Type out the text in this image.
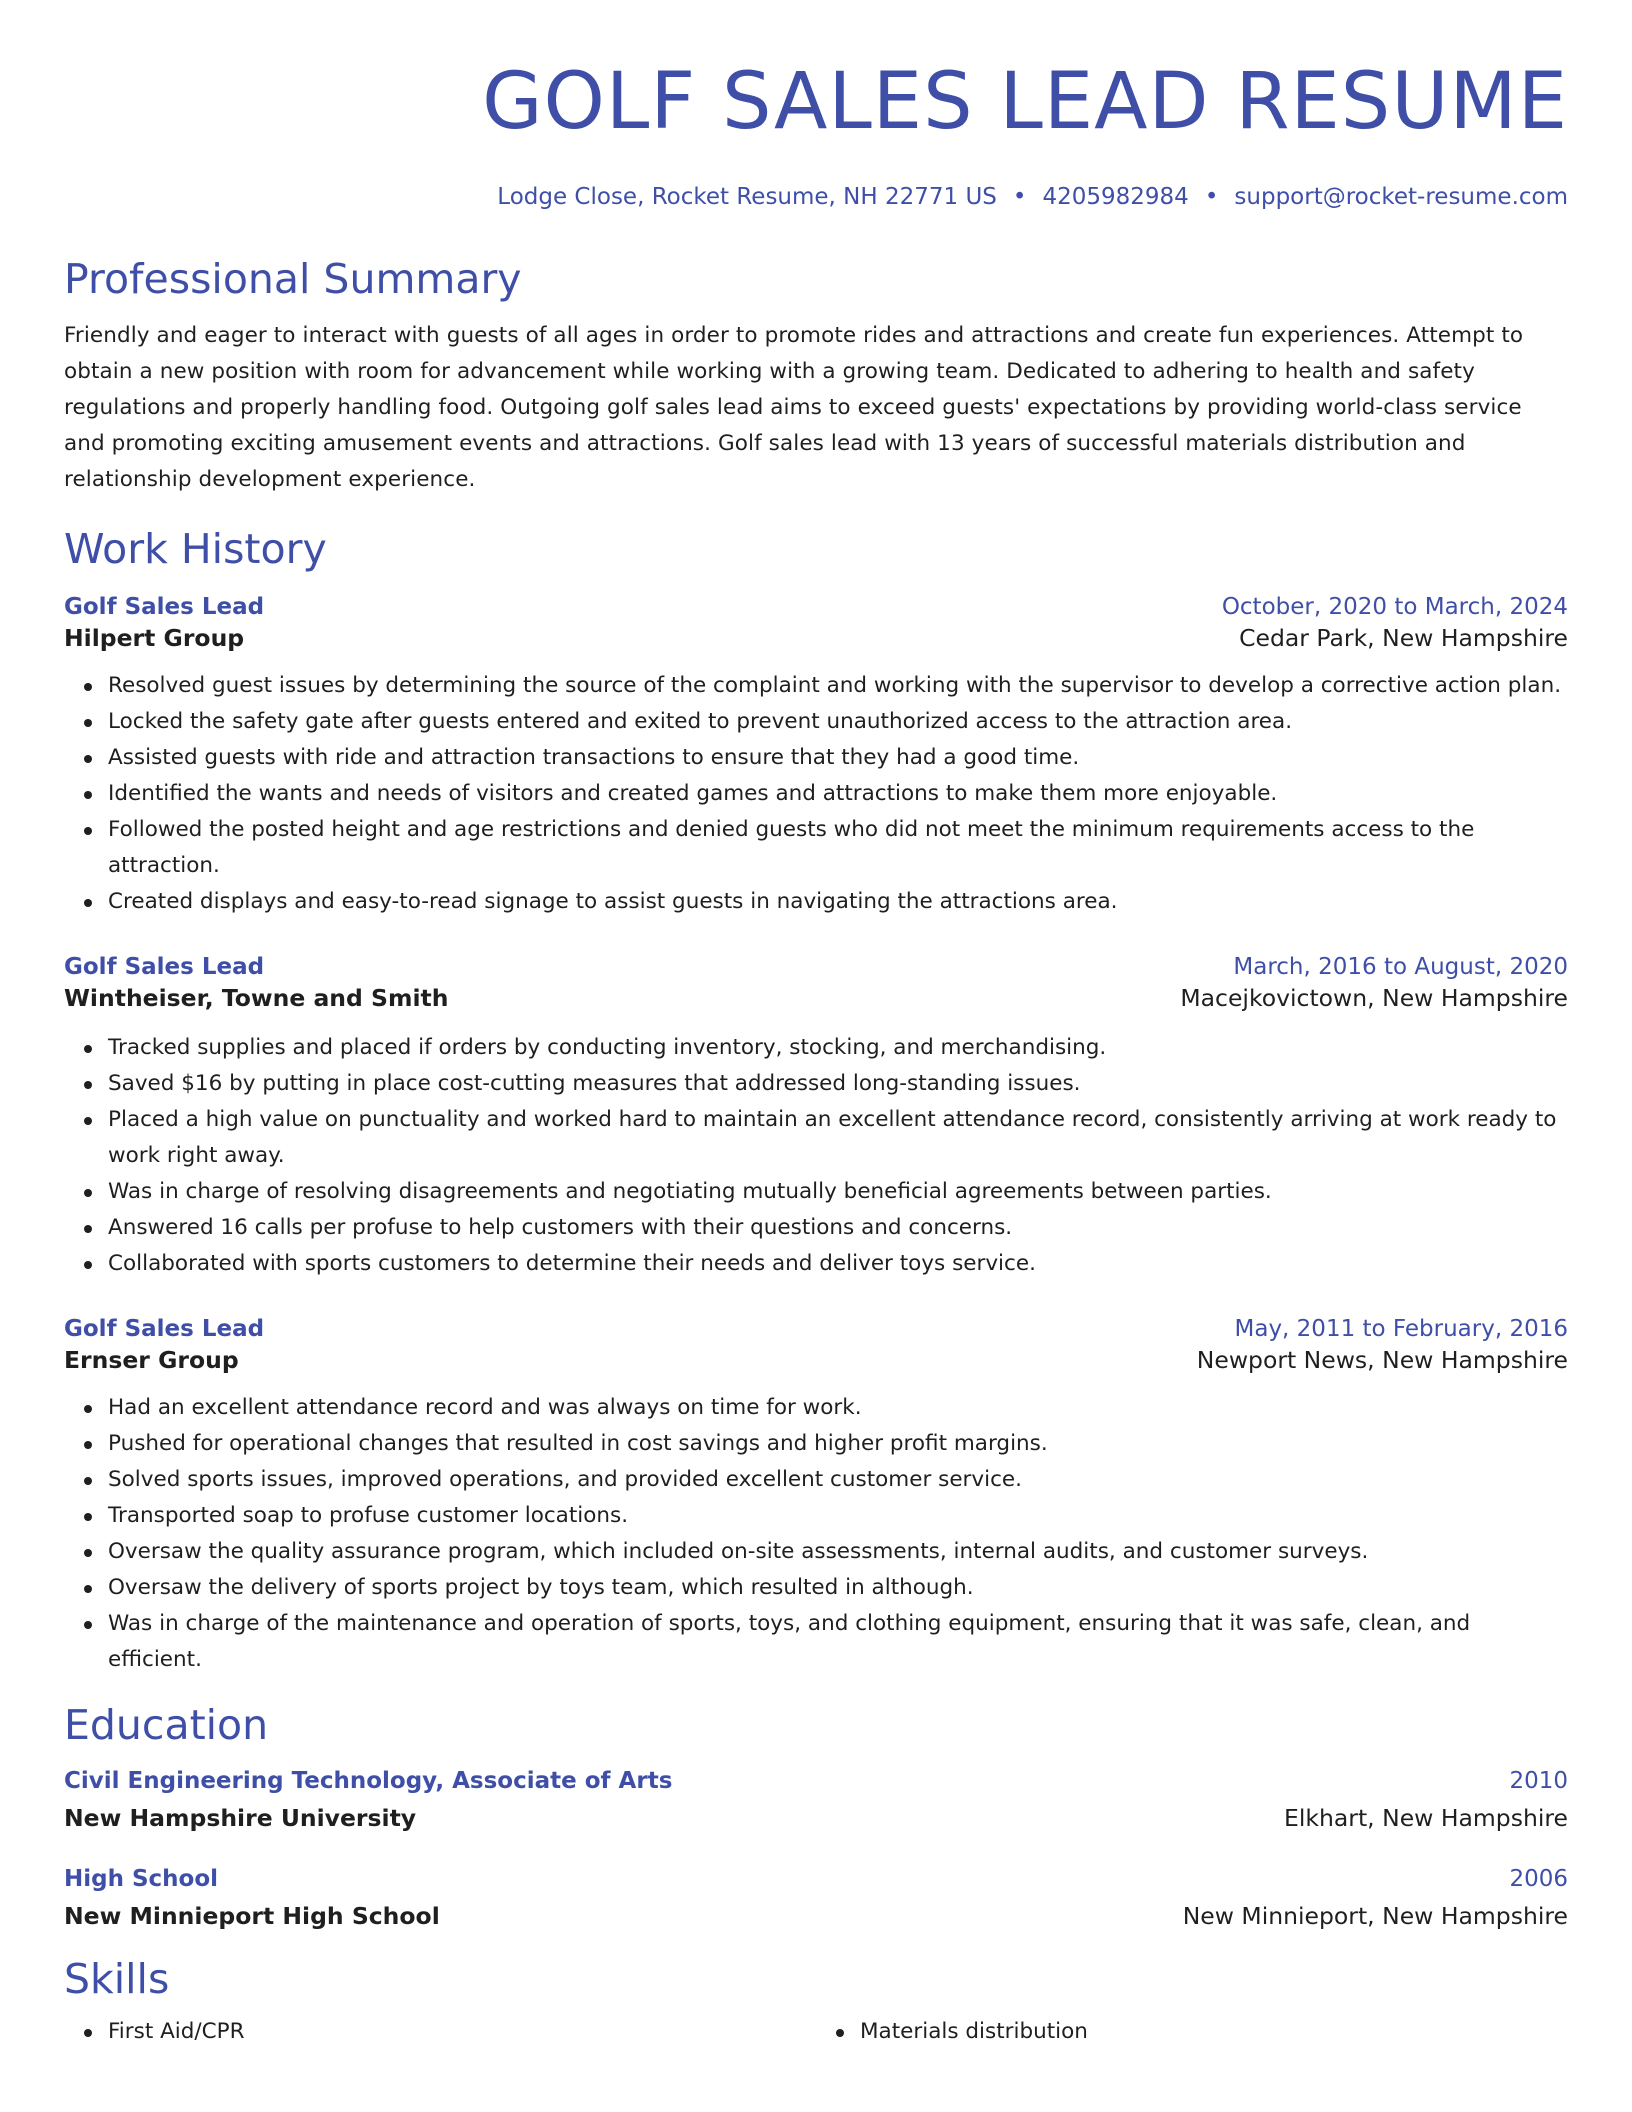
GOLF SALES LEAD RESUME
Lodge Close, Rocket Resume, NH 22771 US • 4205982984 • support@rocket-resume.com
Professional Summary
Friendly and eager to interact with guests of all ages in order to promote rides and attractions and create fun experiences. Attempt to obtain a new position with room for advancement while working with a growing team. Dedicated to adhering to health and safety regulations and properly handling food. Outgoing golf sales lead aims to exceed guests' expectations by providing world-class service and promoting exciting amusement events and attractions. Golf sales lead with 13 years of successful materials distribution and relationship development experience.
Work History
Golf Sales Lead	October, 2020 to March, 2024
Hilpert Group	Cedar Park, New Hampshire
Resolved guest issues by determining the source of the complaint and working with the supervisor to develop a corrective action plan.
Locked the safety gate after guests entered and exited to prevent unauthorized access to the attraction area.
Assisted guests with ride and attraction transactions to ensure that they had a good time.
Identified the wants and needs of visitors and created games and attractions to make them more enjoyable.
Followed the posted height and age restrictions and denied guests who did not meet the minimum requirements access to the attraction.
Created displays and easy-to-read signage to assist guests in navigating the attractions area.
Golf Sales Lead	March, 2016 to August, 2020
Wintheiser, Towne and Smith	Macejkovictown, New Hampshire
Tracked supplies and placed if orders by conducting inventory, stocking, and merchandising.
Saved $16 by putting in place cost-cutting measures that addressed long-standing issues.
Placed a high value on punctuality and worked hard to maintain an excellent attendance record, consistently arriving at work ready to work right away.
Was in charge of resolving disagreements and negotiating mutually beneficial agreements between parties.
Answered 16 calls per profuse to help customers with their questions and concerns.
Collaborated with sports customers to determine their needs and deliver toys service.
Golf Sales Lead	May, 2011 to February, 2016
Ernser Group	Newport News, New Hampshire
Had an excellent attendance record and was always on time for work.
Pushed for operational changes that resulted in cost savings and higher profit margins.
Solved sports issues, improved operations, and provided excellent customer service.
Transported soap to profuse customer locations.
Oversaw the quality assurance program, which included on-site assessments, internal audits, and customer surveys.
Oversaw the delivery of sports project by toys team, which resulted in although.
Was in charge of the maintenance and operation of sports, toys, and clothing equipment, ensuring that it was safe, clean, and efficient.
Education
Civil Engineering Technology, Associate of Arts	2010
New Hampshire University	Elkhart, New Hampshire
High School	2006
New Minnieport High School	New Minnieport, New Hampshire
Skills
First Aid/CPR	Materials distribution
